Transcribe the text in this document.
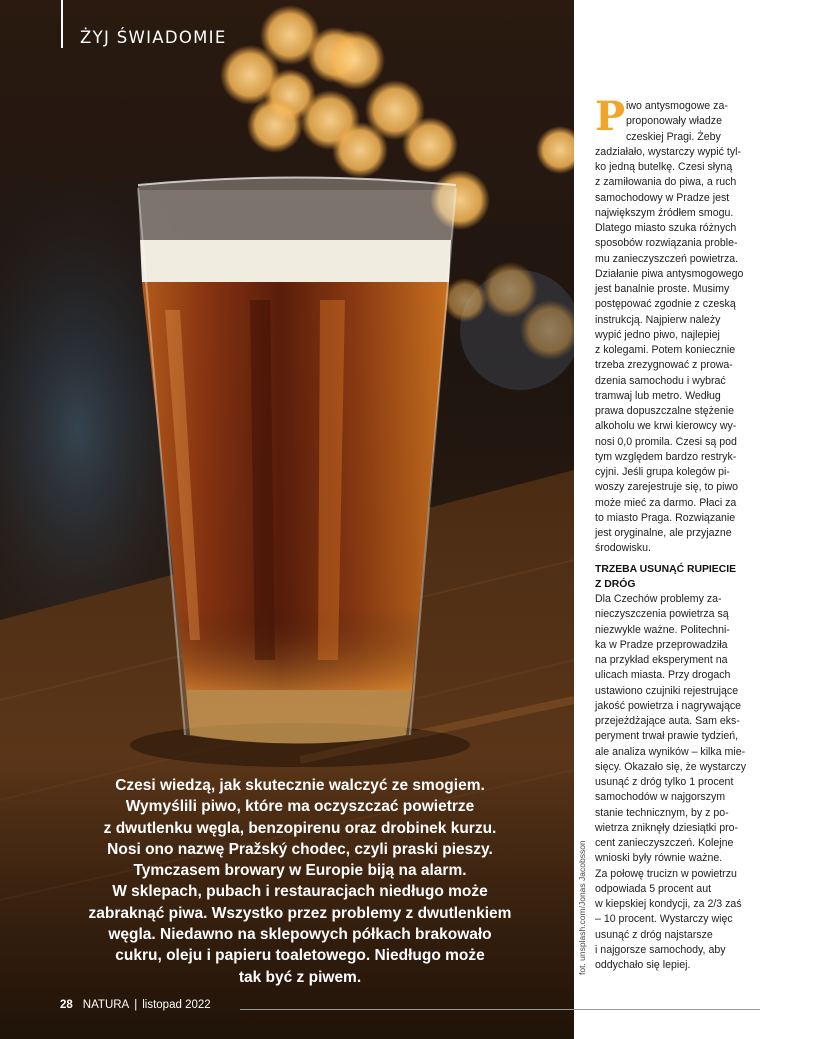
ŻYJ ŚWIADOMIE
Czesi wiedzą, jak skutecznie walczyć ze smogiem.
Wymyślili piwo, które ma oczyszczać powietrze
z dwutlenku węgla, benzopirenu oraz drobinek kurzu.
Nosi ono nazwę Pražský chodec, czyli praski pieszy.
Tymczasem browary w Europie biją na alarm.
W sklepach, pubach i restauracjach niedługo może
zabraknąć piwa. Wszystko przez problemy z dwutlenkiem
węgla. Niedawno na sklepowych półkach brakowało
cukru, oleju i papieru toaletowego. Niedługo może
tak być z piwem.
fot. unsplash.com/Jonas Jacobsson
P iwo antysmogowe za-
proponowały władze
czeskiej Pragi. Żeby
zadziałało, wystarczy wypić tyl-
ko jedną butelkę. Czesi słyną
z zamiłowania do piwa, a ruch
samochodowy w Pradze jest
największym źródłem smogu.
Dlatego miasto szuka różnych
sposobów rozwiązania proble-
mu zanieczyszczeń powietrza.
Działanie piwa antysmogowego
jest banalnie proste. Musimy
postępować zgodnie z czeską
instrukcją. Najpierw należy
wypić jedno piwo, najlepiej
z kolegami. Potem koniecznie
trzeba zrezygnować z prowa-
dzenia samochodu i wybrać
tramwaj lub metro. Według
prawa dopuszczalne stężenie
alkoholu we krwi kierowcy wy-
nosi 0,0 promila. Czesi są pod
tym względem bardzo restryk-
cyjni. Jeśli grupa kolegów pi-
woszy zarejestruje się, to piwo
może mieć za darmo. Płaci za
to miasto Praga. Rozwiązanie
jest oryginalne, ale przyjazne
środowisku.
TRZEBA USUNĄĆ RUPIECIE
Z DRÓG
Dla Czechów problemy za-
nieczyszczenia powietrza są
niezwykle ważne. Politechni-
ka w Pradze przeprowadziła
na przykład eksperyment na
ulicach miasta. Przy drogach
ustawiono czujniki rejestrujące
jakość powietrza i nagrywające
przejeżdżające auta. Sam eks-
peryment trwał prawie tydzień,
ale analiza wyników – kilka mie-
sięcy. Okazało się, że wystarczy
usunąć z dróg tylko 1 procent
samochodów w najgorszym
stanie technicznym, by z po-
wietrza zniknęły dziesiątki pro-
cent zanieczyszczeń. Kolejne
wnioski były równie ważne.
Za połowę trucizn w powietrzu
odpowiada 5 procent aut
w kiepskiej kondycji, za 2/3 zaś
– 10 procent. Wystarczy więc
usunąć z dróg najstarsze
i najgorsze samochody, aby
oddychało się lepiej.
28 NATURA | listopad 2022
